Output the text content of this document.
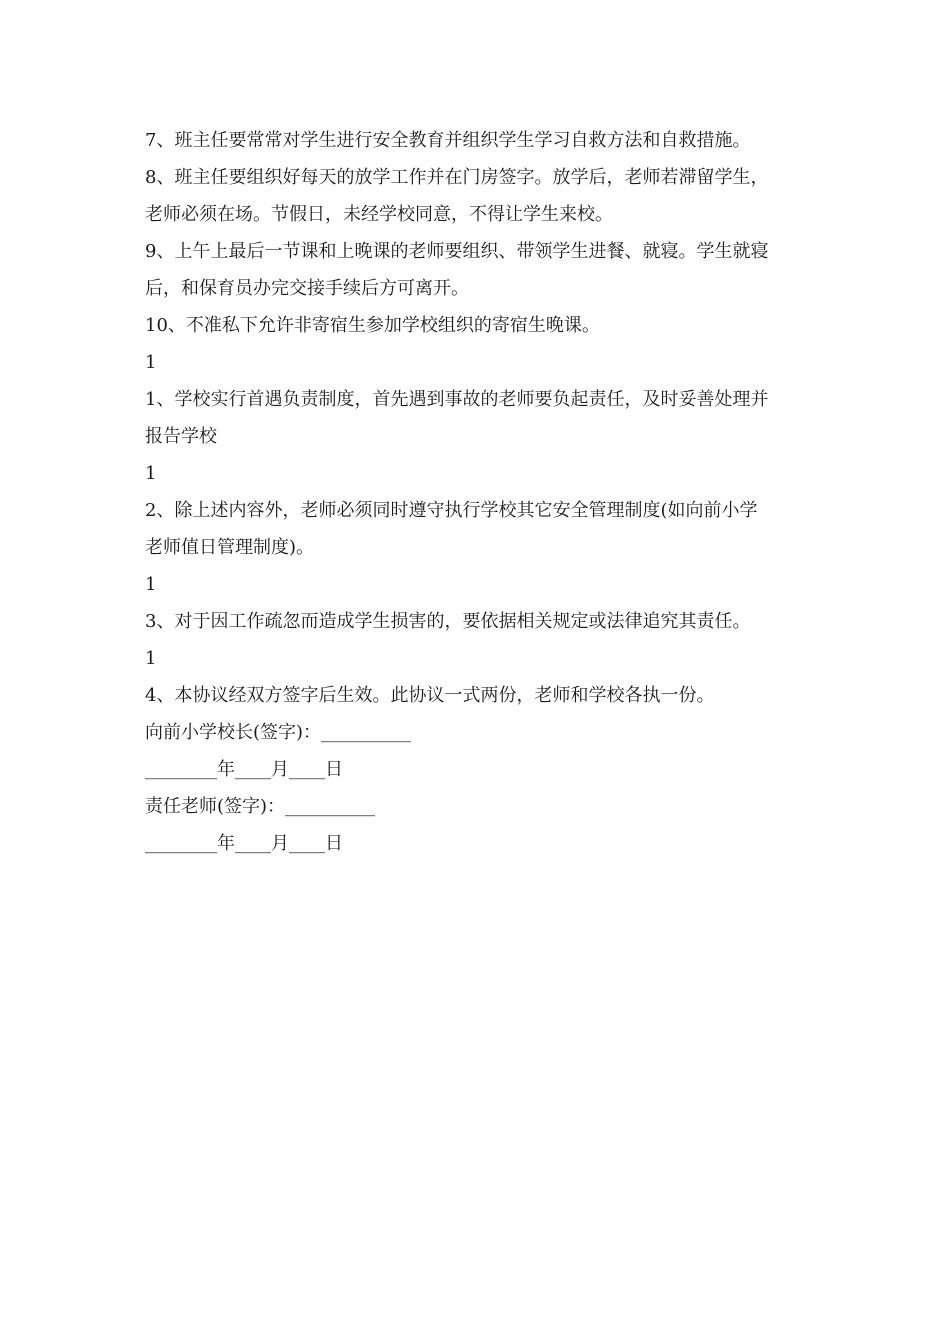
7、班主任要常常对学生进行安全教育并组织学生学习自救方法和自救措施。
8、班主任要组织好每天的放学工作并在门房签字。放学后，老师若滞留学生，
老师必须在场。节假日，未经学校同意，不得让学生来校。
9、上午上最后一节课和上晚课的老师要组织、带领学生进餐、就寝。学生就寝
后，和保育员办完交接手续后方可离开。
10、不准私下允许非寄宿生参加学校组织的寄宿生晚课。
1
1、学校实行首遇负责制度，首先遇到事故的老师要负起责任，及时妥善处理并
报告学校
1
2、除上述内容外，老师必须同时遵守执行学校其它安全管理制度(如向前小学
老师值日管理制度)。
1
3、对于因工作疏忽而造成学生损害的，要依据相关规定或法律追究其责任。
1
4、本协议经双方签字后生效。此协议一式两份，老师和学校各执一份。
向前小学校长(签字)：__________
________年____月____日
责任老师(签字)：__________
________年____月____日
